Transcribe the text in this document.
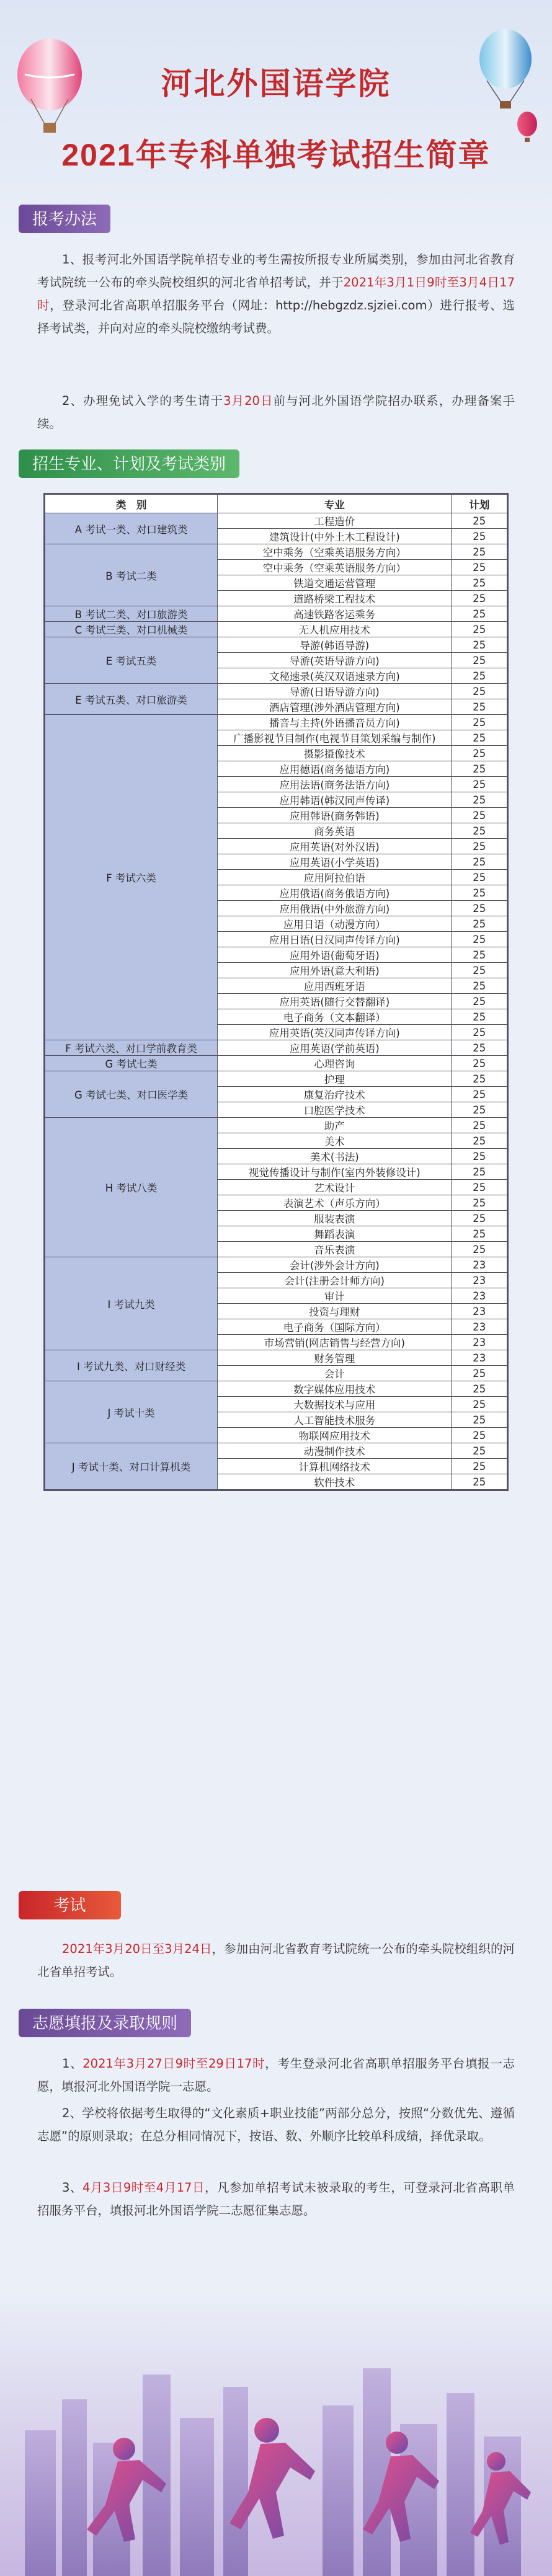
河北外国语学院
2021年专科单独考试招生简章
报考办法
1、报考河北外国语学院单招专业的考生需按所报专业所属类别，参加由河北省教育考试院统一公布的牵头院校组织的河北省单招考试，并于2021年3月1日9时至3月4日17时，登录河北省高职单招服务平台（网址：http://hebgzdz.sjziei.com）进行报考、选择考试类，并向对应的牵头院校缴纳考试费。
2、办理免试入学的考生请于3月20日前与河北外国语学院招办联系，办理备案手续。
招生专业、计划及考试类别
类　别	专业	计划
A 考试一类、对口建筑类	工程造价	25
	建筑设计(中外土木工程设计)	25
B 考试二类	空中乘务（空乘英语服务方向）	25
	空中乘务（空乘英语服务方向）	25
	铁道交通运营管理	25
	道路桥梁工程技术	25
B 考试二类、对口旅游类	高速铁路客运乘务	25
C 考试三类、对口机械类	无人机应用技术	25
E 考试五类	导游(韩语导游)	25
	导游(英语导游方向)	25
	文秘速录(英汉双语速录方向)	25
E 考试五类、对口旅游类	导游(日语导游方向)	25
	酒店管理(涉外酒店管理方向)	25
F 考试六类	播音与主持(外语播音员方向)	25
	广播影视节目制作(电视节目策划采编与制作)	25
	摄影摄像技术	25
	应用德语(商务德语方向)	25
	应用法语(商务法语方向)	25
	应用韩语(韩汉同声传译)	25
	应用韩语(商务韩语)	25
	商务英语	25
	应用英语(对外汉语)	25
	应用英语(小学英语)	25
	应用阿拉伯语	25
	应用俄语(商务俄语方向)	25
	应用俄语(中外旅游方向)	25
	应用日语（动漫方向）	25
	应用日语(日汉同声传译方向)	25
	应用外语(葡萄牙语)	25
	应用外语(意大利语)	25
	应用西班牙语	25
	应用英语(随行交替翻译)	25
	电子商务（文本翻译）	25
	应用英语(英汉同声传译方向)	25
F 考试六类、对口学前教育类	应用英语(学前英语)	25
G 考试七类	心理咨询	25
G 考试七类、对口医学类	护理	25
	康复治疗技术	25
	口腔医学技术	25
H 考试八类	助产	25
	美术	25
	美术(书法)	25
	视觉传播设计与制作(室内外装修设计)	25
	艺术设计	25
	表演艺术（声乐方向）	25
	服装表演	25
	舞蹈表演	25
	音乐表演	25
I 考试九类	会计(涉外会计方向)	23
	会计(注册会计师方向)	23
	审计	23
	投资与理财	23
	电子商务（国际方向）	23
	市场营销(网店销售与经营方向)	23
I 考试九类、对口财经类	财务管理	23
	会计	25
J 考试十类	数字媒体应用技术	25
	大数据技术与应用	25
	人工智能技术服务	25
	物联网应用技术	25
J 考试十类、对口计算机类	动漫制作技术	25
	计算机网络技术	25
	软件技术	25
考试
2021年3月20日至3月24日，参加由河北省教育考试院统一公布的牵头院校组织的河北省单招考试。
志愿填报及录取规则
1、2021年3月27日9时至29日17时，考生登录河北省高职单招服务平台填报一志愿，填报河北外国语学院一志愿。
2、学校将依据考生取得的“文化素质+职业技能”两部分总分，按照“分数优先、遵循志愿”的原则录取；在总分相同情况下，按语、数、外顺序比较单科成绩，择优录取。
3、4月3日9时至4月17日，凡参加单招考试未被录取的考生，可登录河北省高职单招服务平台，填报河北外国语学院二志愿征集志愿。
